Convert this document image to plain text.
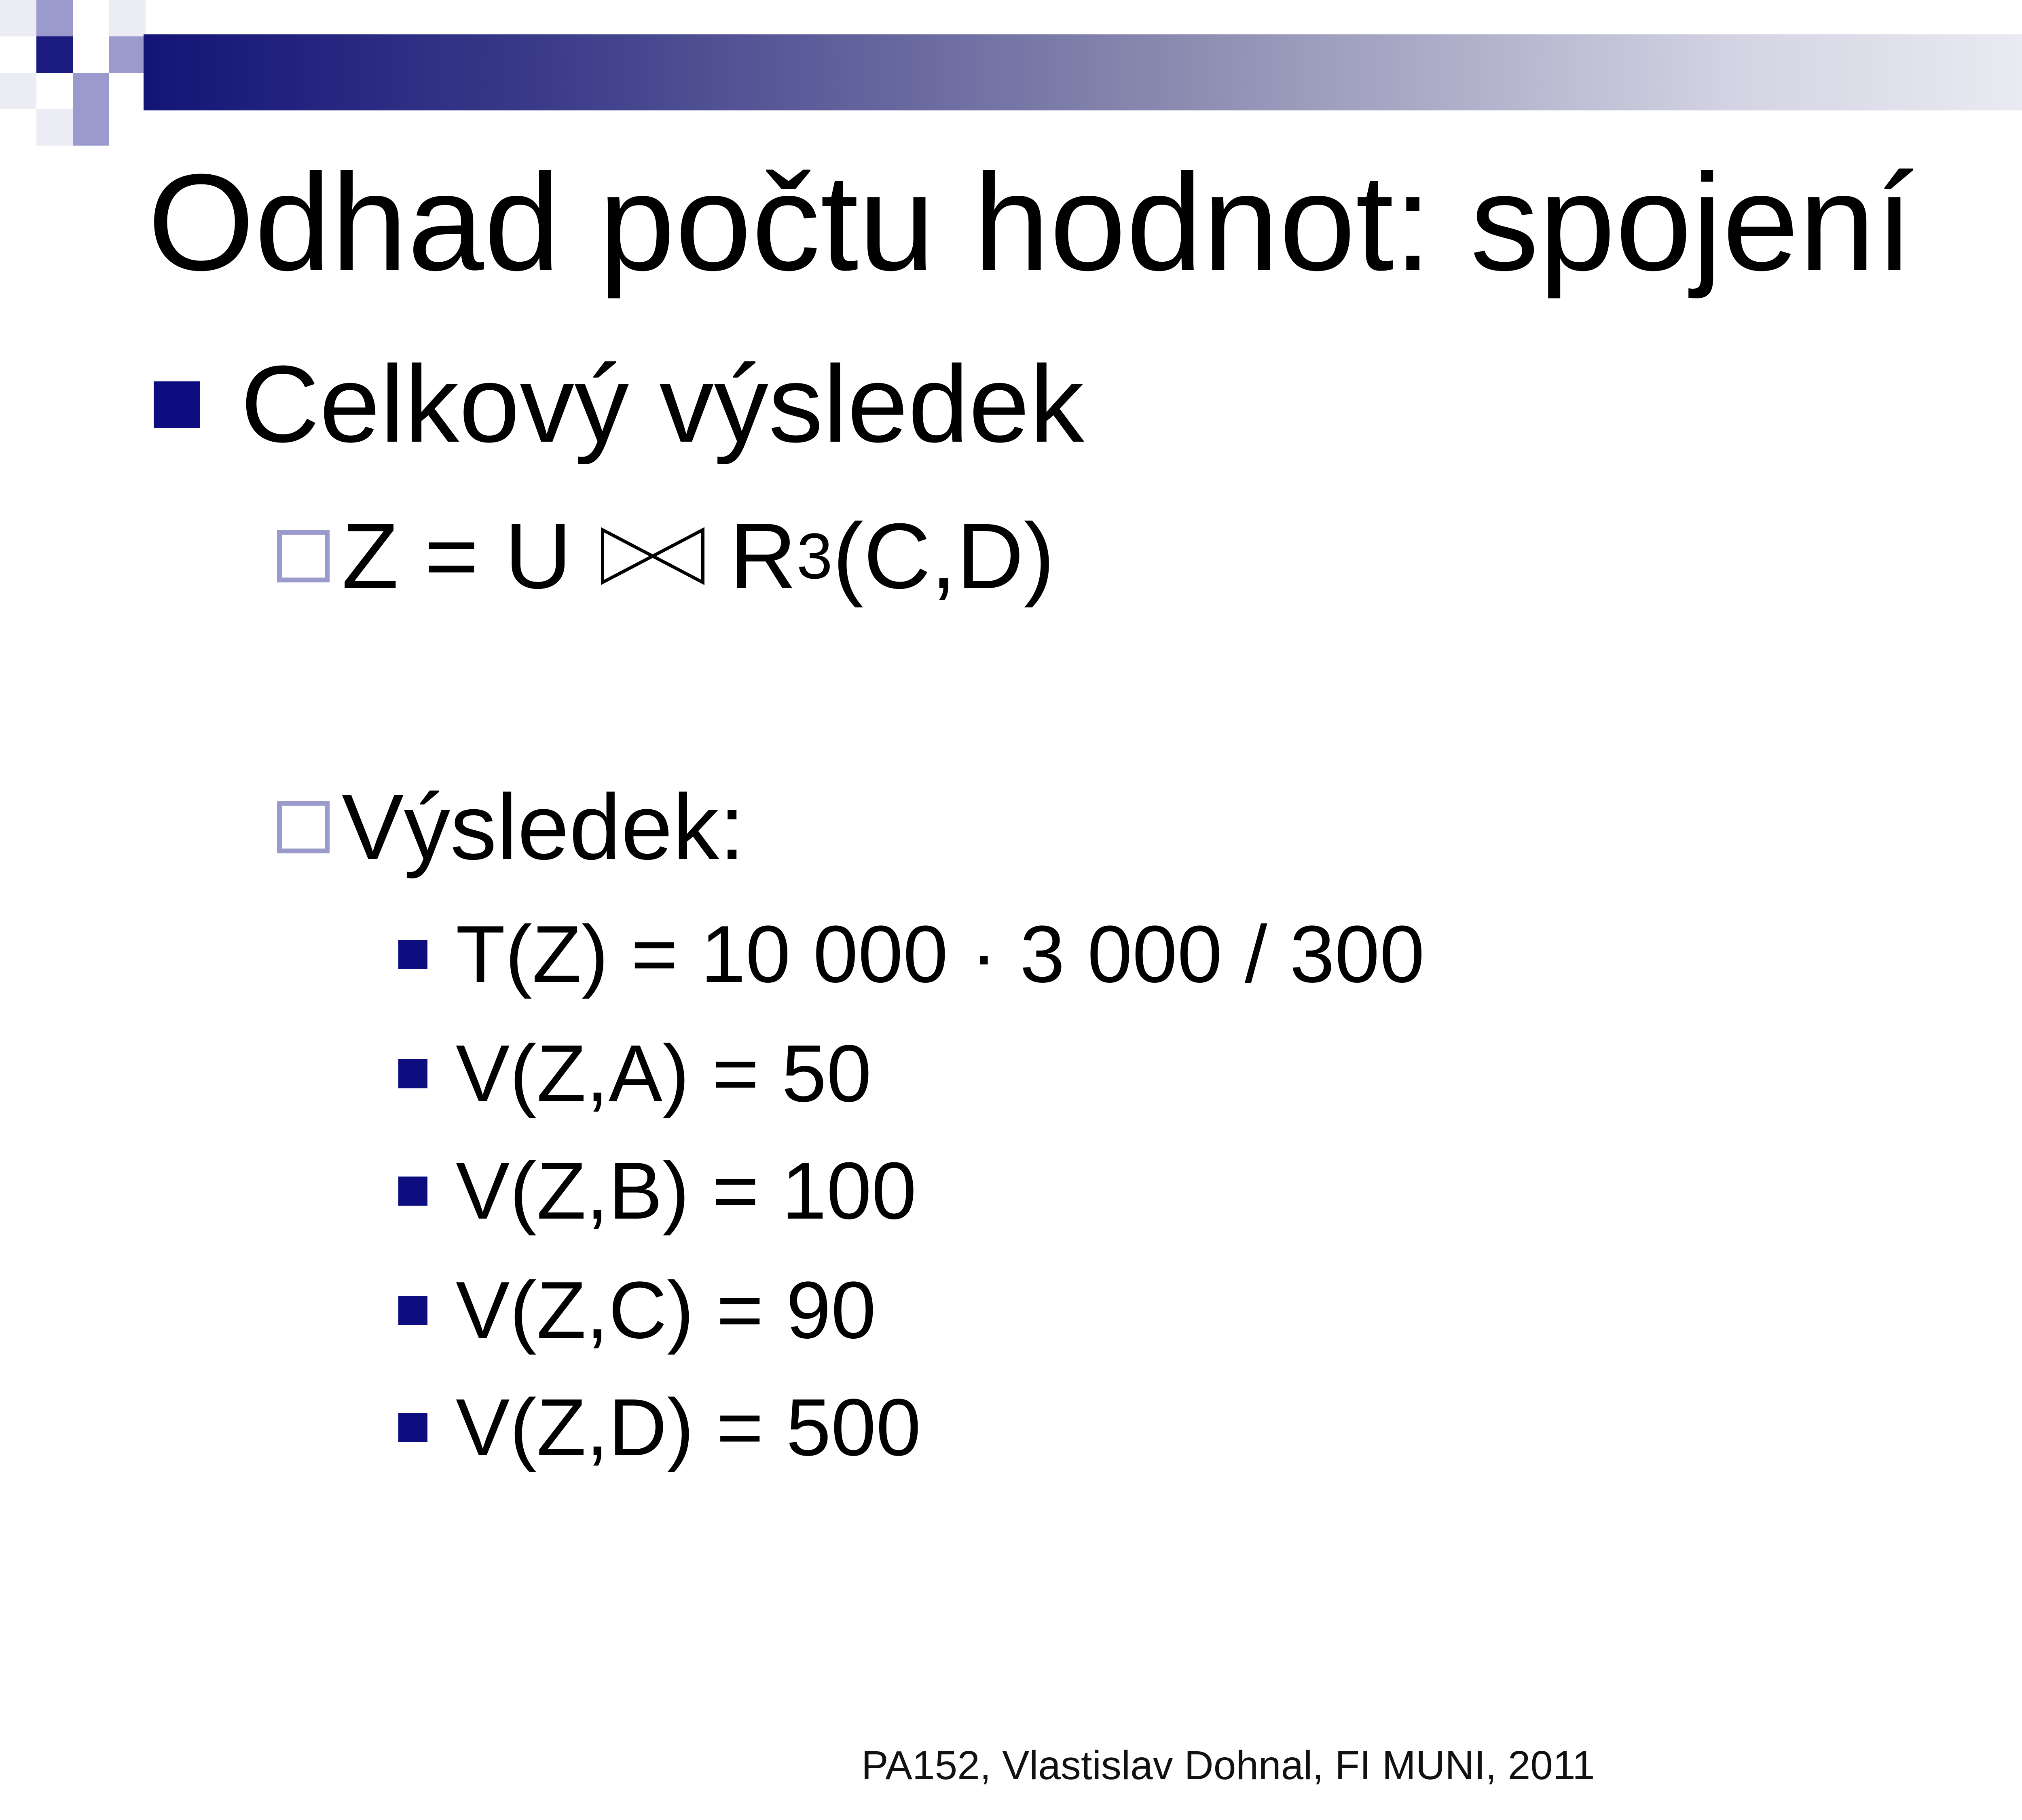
Odhad počtu hodnot: spojení
Celkový výsledek
Z = U R 3 (C,D)
Výsledek:
T(Z) = 10 000 · 3 000 / 300
V(Z,A) = 50
V(Z,B) = 100
V(Z,C) = 90
V(Z,D) = 500
PA152, Vlastislav Dohnal, FI MUNI, 2011
